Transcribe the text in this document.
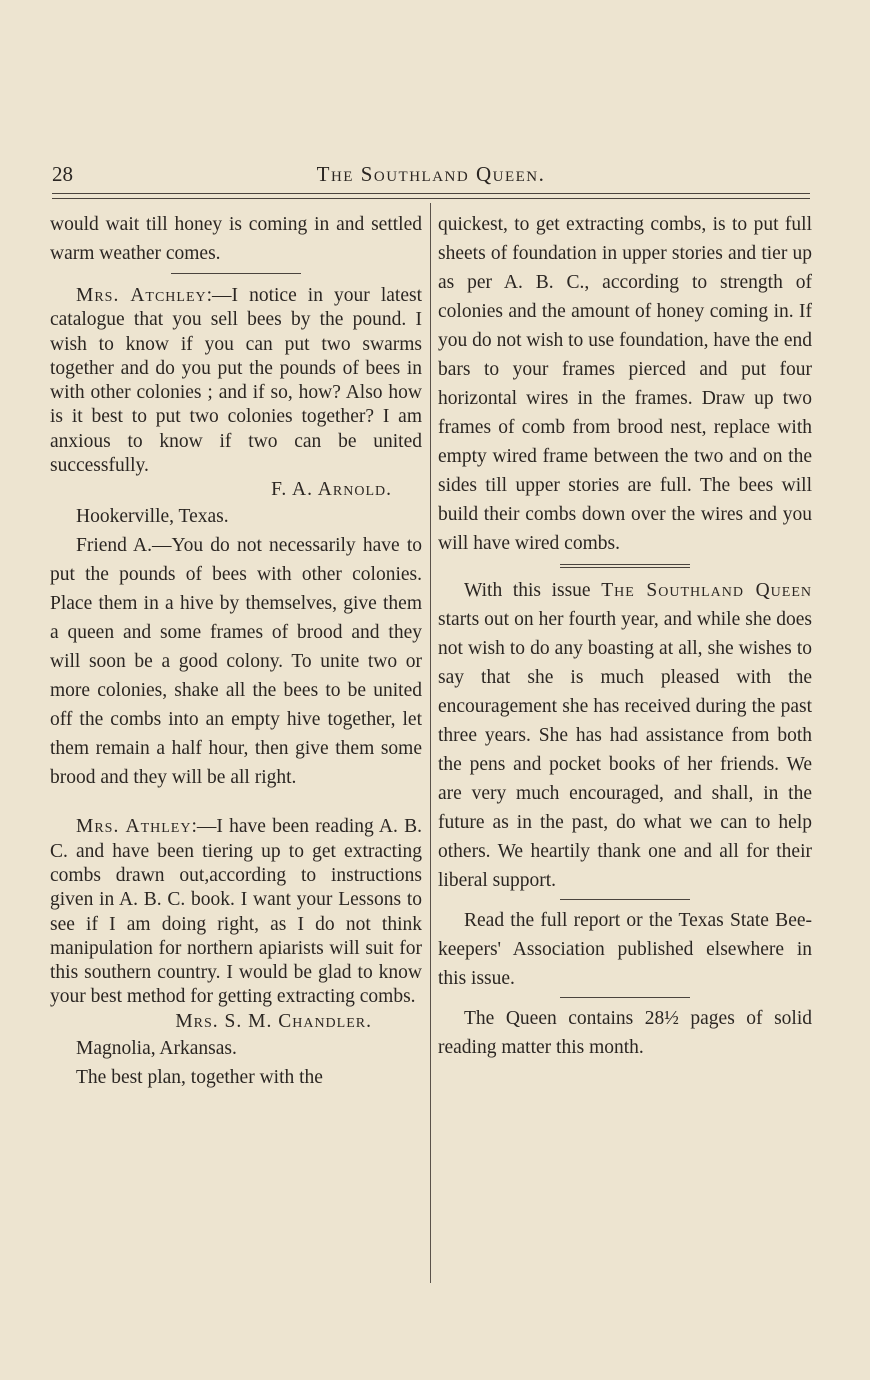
28	The Southland Queen.

would wait till honey is coming in and settled warm weather comes.

Mrs. Atchley:—I notice in your latest catalogue that you sell bees by the pound. I wish to know if you can put two swarms together and do you put the pounds of bees in with other colonies ; and if so, how? Also how is it best to put two colonies together? I am anxious to know if two can be united successfully.

F. A. Arnold.

Hookerville, Texas.

Friend A.—You do not necessarily have to put the pounds of bees with other colonies. Place them in a hive by themselves, give them a queen and some frames of brood and they will soon be a good colony. To unite two or more colonies, shake all the bees to be united off the combs into an empty hive together, let them remain a half hour, then give them some brood and they will be all right.

Mrs. Athley:—I have been reading A. B. C. and have been tiering up to get extracting combs drawn out,according to instructions given in A. B. C. book. I want your Lessons to see if I am doing right, as I do not think manipulation for northern apiarists will suit for this southern country. I would be glad to know your best method for getting extracting combs.

Mrs. S. M. Chandler.

Magnolia, Arkansas.

The best plan, together with the

quickest, to get extracting combs, is to put full sheets of foundation in upper stories and tier up as per A. B. C., according to strength of colonies and the amount of honey coming in. If you do not wish to use foundation, have the end bars to your frames pierced and put four horizontal wires in the frames. Draw up two frames of comb from brood nest, replace with empty wired frame between the two and on the sides till upper stories are full. The bees will build their combs down over the wires and you will have wired combs.

With this issue The Southland Queen starts out on her fourth year, and while she does not wish to do any boasting at all, she wishes to say that she is much pleased with the encouragement she has received during the past three years. She has had assistance from both the pens and pocket books of her friends. We are very much encouraged, and shall, in the future as in the past, do what we can to help others. We heartily thank one and all for their liberal support.

Read the full report or the Texas State Bee-keepers' Association published elsewhere in this issue.

The Queen contains 28½ pages of solid reading matter this month.
